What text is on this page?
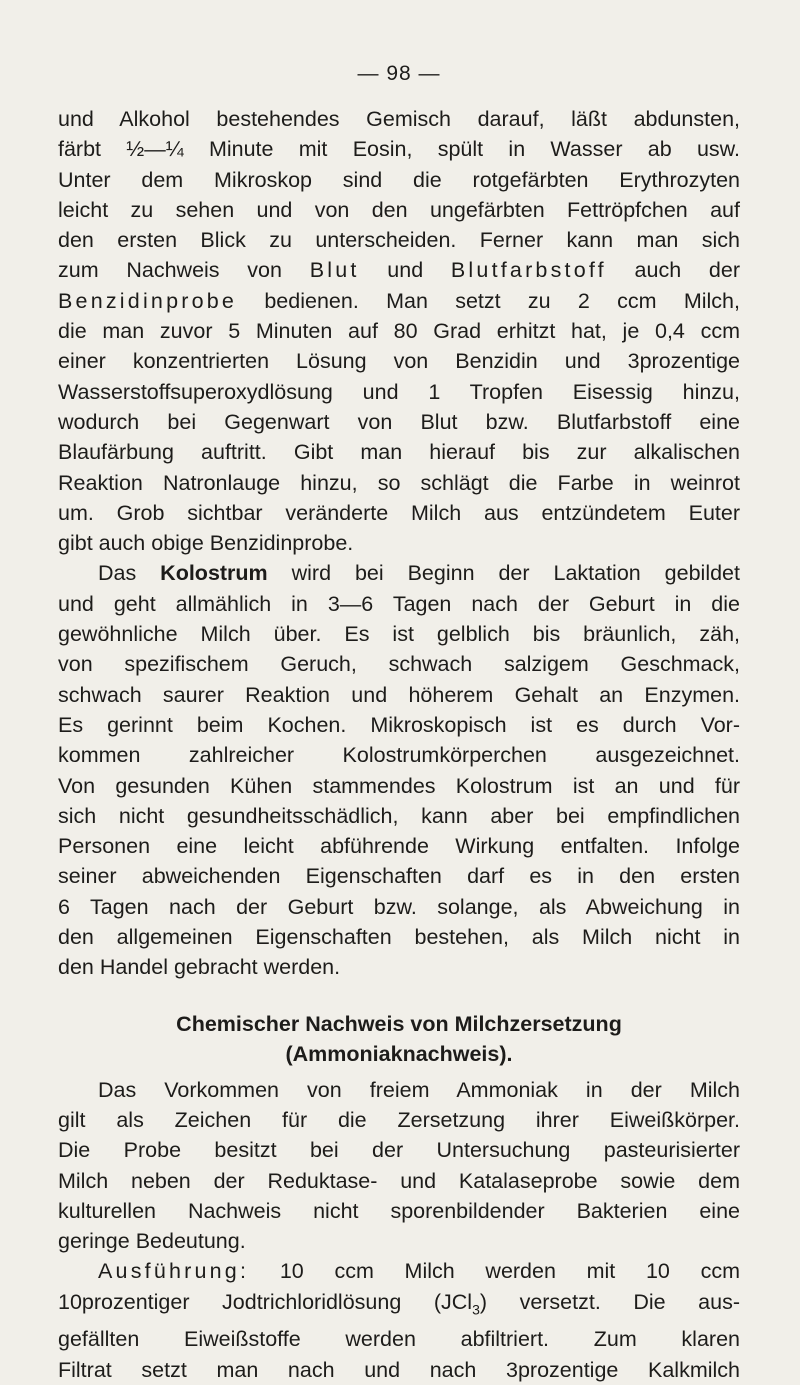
— 98 —
und Alkohol bestehendes Gemisch darauf, läßt abdunsten,
färbt ½—¼ Minute mit Eosin, spült in Wasser ab usw.
Unter dem Mikroskop sind die rotgefärbten Erythrozyten
leicht zu sehen und von den ungefärbten Fettröpfchen auf
den ersten Blick zu unterscheiden. Ferner kann man sich
zum Nachweis von Blut und Blutfarbstoff auch der
Benzidinprobe bedienen. Man setzt zu 2 ccm Milch,
die man zuvor 5 Minuten auf 80 Grad erhitzt hat, je 0,4 ccm
einer konzentrierten Lösung von Benzidin und 3prozentige
Wasserstoffsuperoxydlösung und 1 Tropfen Eisessig hinzu,
wodurch bei Gegenwart von Blut bzw. Blutfarbstoff eine
Blaufärbung auftritt. Gibt man hierauf bis zur alkalischen
Reaktion Natronlauge hinzu, so schlägt die Farbe in weinrot
um. Grob sichtbar veränderte Milch aus entzündetem Euter
gibt auch obige Benzidinprobe.
Das Kolostrum wird bei Beginn der Laktation gebildet
und geht allmählich in 3—6 Tagen nach der Geburt in die
gewöhnliche Milch über. Es ist gelblich bis bräunlich, zäh,
von spezifischem Geruch, schwach salzigem Geschmack,
schwach saurer Reaktion und höherem Gehalt an Enzymen.
Es gerinnt beim Kochen. Mikroskopisch ist es durch Vor-
kommen zahlreicher Kolostrumkörperchen ausgezeichnet.
Von gesunden Kühen stammendes Kolostrum ist an und für
sich nicht gesundheitsschädlich, kann aber bei empfindlichen
Personen eine leicht abführende Wirkung entfalten. Infolge
seiner abweichenden Eigenschaften darf es in den ersten
6 Tagen nach der Geburt bzw. solange, als Abweichung in
den allgemeinen Eigenschaften bestehen, als Milch nicht in
den Handel gebracht werden.
Chemischer Nachweis von Milchzersetzung
(Ammoniaknachweis).
Das Vorkommen von freiem Ammoniak in der Milch
gilt als Zeichen für die Zersetzung ihrer Eiweißkörper.
Die Probe besitzt bei der Untersuchung pasteurisierter
Milch neben der Reduktase- und Katalaseprobe sowie dem
kulturellen Nachweis nicht sporenbildender Bakterien eine
geringe Bedeutung.
Ausführung: 10 ccm Milch werden mit 10 ccm
10prozentiger Jodtrichloridlösung (JCl$_3$) versetzt. Die aus-
gefällten Eiweißstoffe werden abfiltriert. Zum klaren
Filtrat setzt man nach und nach 3prozentige Kalkmilch
